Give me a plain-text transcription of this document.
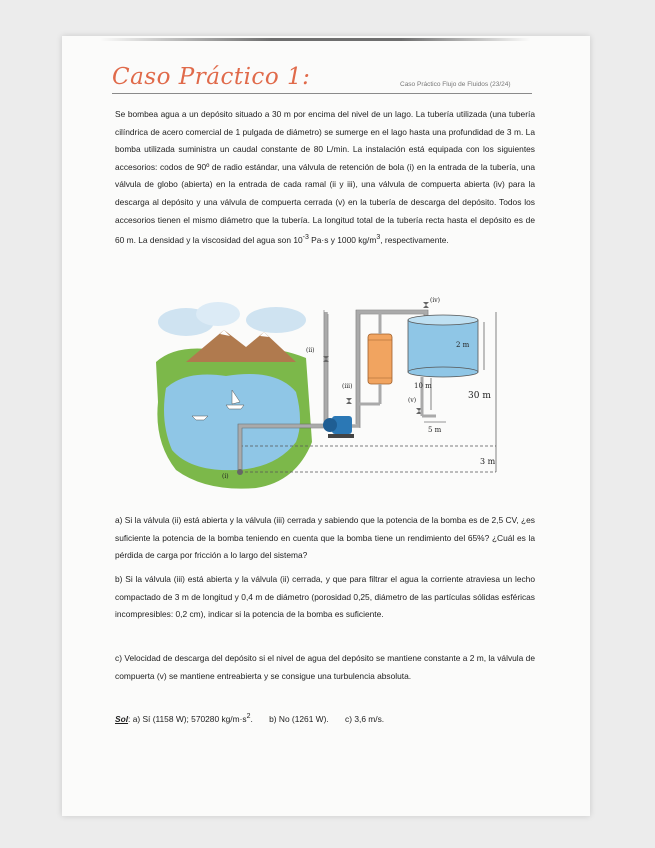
Caso Práctico 1:	Caso Práctico Flujo de Fluidos (23/24)
Se bombea agua a un depósito situado a 30 m por encima del nivel de un lago. La tubería utilizada (una tubería cilíndrica de acero comercial de 1 pulgada de diámetro) se sumerge en el lago hasta una profundidad de 3 m. La bomba utilizada suministra un caudal constante de 80 L/min. La instalación está equipada con los siguientes accesorios: codos de 90º de radio estándar, una válvula de retención de bola (i) en la entrada de la tubería, una válvula de globo (abierta) en la entrada de cada ramal (ii y iii), una válvula de compuerta abierta (iv) para la descarga al depósito y una válvula de compuerta cerrada (v) en la tubería de descarga del depósito. Todos los accesorios tienen el mismo diámetro que la tubería. La longitud total de la tubería recta hasta el depósito es de 60 m. La densidad y la viscosidad del agua son $10^{-3}$ Pa·s y 1000 $kg/m^3$, respectivamente.
(ii)
(iii)
(iv)
(v)
(i)
2 m
10 m
5 m
30 m
3 m
a) Si la válvula (ii) está abierta y la válvula (iii) cerrada y sabiendo que la potencia de la bomba es de 2,5 CV, ¿es suficiente la potencia de la bomba teniendo en cuenta que la bomba tiene un rendimiento del 65%? ¿Cuál es la pérdida de carga por fricción a lo largo del sistema?
b) Si la válvula (iii) está abierta y la válvula (ii) cerrada, y que para filtrar el agua la corriente atraviesa un lecho compactado de 3 m de longitud y 0,4 m de diámetro (porosidad 0,25, diámetro de las partículas sólidas esféricas incompresibles: 0,2 cm), indicar si la potencia de la bomba es suficiente.
c) Velocidad de descarga del depósito si el nivel de agua del depósito se mantiene constante a 2 m, la válvula de compuerta (v) se mantiene entreabierta y se consigue una turbulencia absoluta.
Sol: a) Sí (1158 W); 570280 $kg/m\cdot s^2$. b) No (1261 W). c) 3,6 m/s.
